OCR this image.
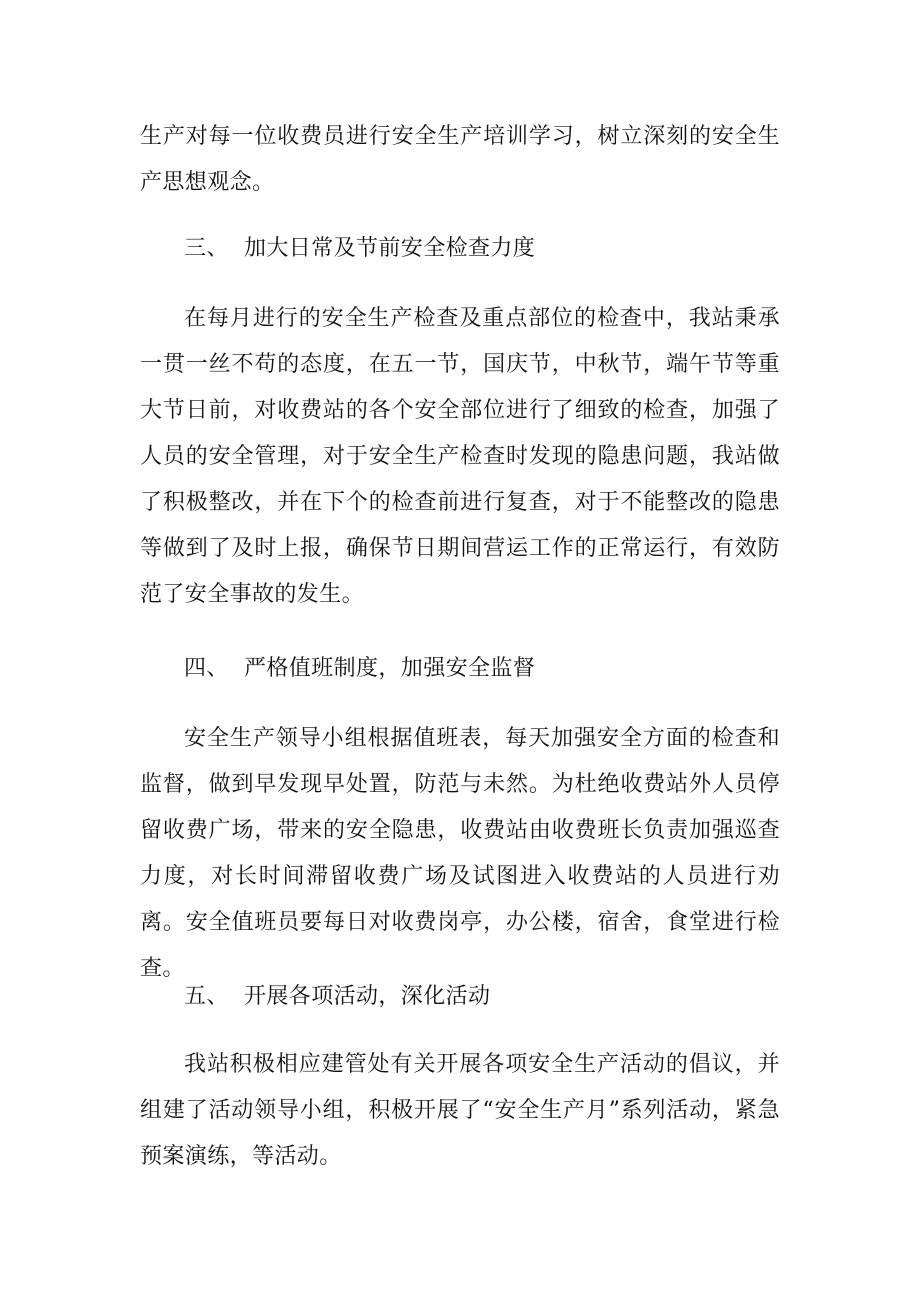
生产对每一位收费员进行安全生产培训学习，树立深刻的安全生产思想观念。

三、 加大日常及节前安全检查力度

在每月进行的安全生产检查及重点部位的检查中，我站秉承一贯一丝不苟的态度，在五一节，国庆节，中秋节，端午节等重大节日前，对收费站的各个安全部位进行了细致的检查，加强了人员的安全管理，对于安全生产检查时发现的隐患问题，我站做了积极整改，并在下个的检查前进行复查，对于不能整改的隐患等做到了及时上报，确保节日期间营运工作的正常运行，有效防范了安全事故的发生。

四、 严格值班制度，加强安全监督

安全生产领导小组根据值班表，每天加强安全方面的检查和监督，做到早发现早处置，防范与未然。为杜绝收费站外人员停留收费广场，带来的安全隐患，收费站由收费班长负责加强巡查力度，对长时间滞留收费广场及试图进入收费站的人员进行劝离。安全值班员要每日对收费岗亭，办公楼，宿舍，食堂进行检查。

五、 开展各项活动，深化活动

我站积极相应建管处有关开展各项安全生产活动的倡议，并组建了活动领导小组，积极开展了“安全生产月”系列活动，紧急预案演练，等活动。
